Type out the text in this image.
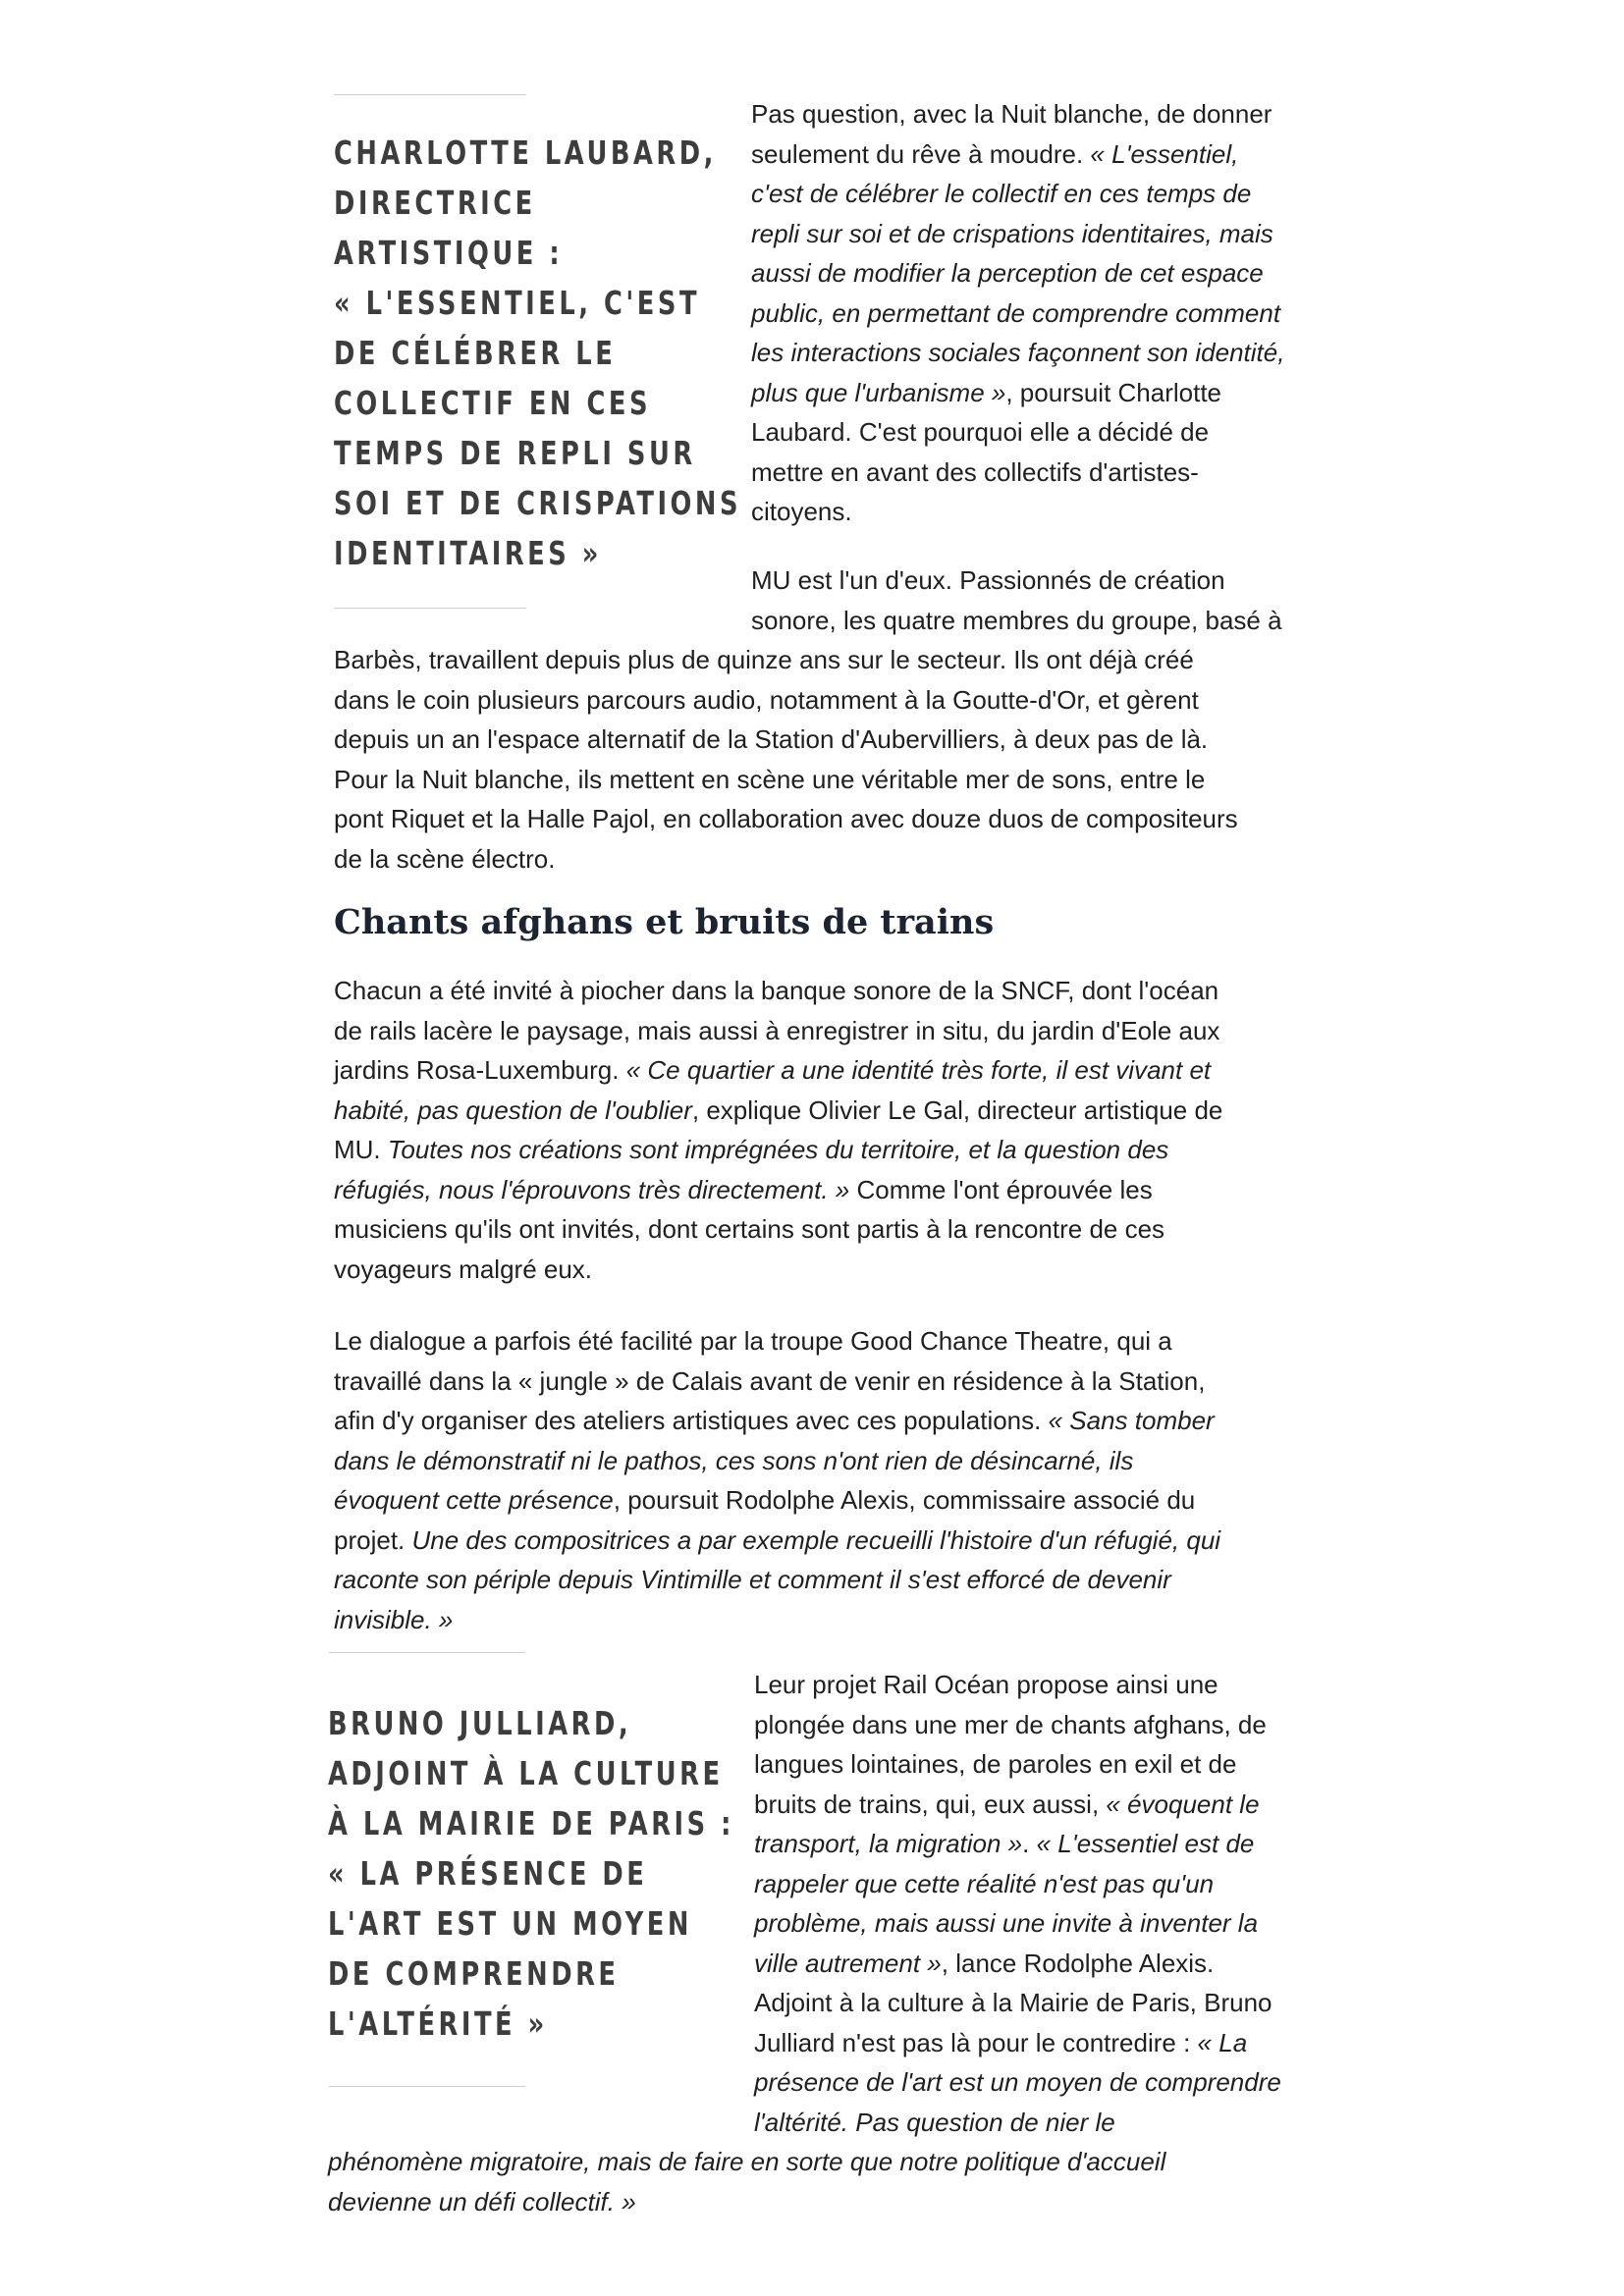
CHARLOTTE LAUBARD,
DIRECTRICE
ARTISTIQUE :
« L'ESSENTIEL, C'EST
DE CÉLÉBRER LE
COLLECTIF EN CES
TEMPS DE REPLI SUR
SOI ET DE CRISPATIONS
IDENTITAIRES »
Pas question, avec la Nuit blanche, de donner
seulement du rêve à moudre. « L'essentiel,
c'est de célébrer le collectif en ces temps de
repli sur soi et de crispations identitaires, mais
aussi de modifier la perception de cet espace
public, en permettant de comprendre comment
les interactions sociales façonnent son identité,
plus que l'urbanisme », poursuit Charlotte
Laubard. C'est pourquoi elle a décidé de
mettre en avant des collectifs d'artistes-
citoyens.
MU est l'un d'eux. Passionnés de création
sonore, les quatre membres du groupe, basé à
Barbès, travaillent depuis plus de quinze ans sur le secteur. Ils ont déjà créé
dans le coin plusieurs parcours audio, notamment à la Goutte-d'Or, et gèrent
depuis un an l'espace alternatif de la Station d'Aubervilliers, à deux pas de là.
Pour la Nuit blanche, ils mettent en scène une véritable mer de sons, entre le
pont Riquet et la Halle Pajol, en collaboration avec douze duos de compositeurs
de la scène électro.
Chants afghans et bruits de trains
Chacun a été invité à piocher dans la banque sonore de la SNCF, dont l'océan
de rails lacère le paysage, mais aussi à enregistrer in situ, du jardin d'Eole aux
jardins Rosa-Luxemburg. « Ce quartier a une identité très forte, il est vivant et
habité, pas question de l'oublier, explique Olivier Le Gal, directeur artistique de
MU. Toutes nos créations sont imprégnées du territoire, et la question des
réfugiés, nous l'éprouvons très directement. » Comme l'ont éprouvée les
musiciens qu'ils ont invités, dont certains sont partis à la rencontre de ces
voyageurs malgré eux.
Le dialogue a parfois été facilité par la troupe Good Chance Theatre, qui a
travaillé dans la « jungle » de Calais avant de venir en résidence à la Station,
afin d'y organiser des ateliers artistiques avec ces populations. « Sans tomber
dans le démonstratif ni le pathos, ces sons n'ont rien de désincarné, ils
évoquent cette présence, poursuit Rodolphe Alexis, commissaire associé du
projet. Une des compositrices a par exemple recueilli l'histoire d'un réfugié, qui
raconte son périple depuis Vintimille et comment il s'est efforcé de devenir
invisible. »
BRUNO JULLIARD,
ADJOINT À LA CULTURE
À LA MAIRIE DE PARIS :
« LA PRÉSENCE DE
L'ART EST UN MOYEN
DE COMPRENDRE
L'ALTÉRITÉ »
Leur projet Rail Océan propose ainsi une
plongée dans une mer de chants afghans, de
langues lointaines, de paroles en exil et de
bruits de trains, qui, eux aussi, « évoquent le
transport, la migration ». « L'essentiel est de
rappeler que cette réalité n'est pas qu'un
problème, mais aussi une invite à inventer la
ville autrement », lance Rodolphe Alexis.
Adjoint à la culture à la Mairie de Paris, Bruno
Julliard n'est pas là pour le contredire : « La
présence de l'art est un moyen de comprendre
l'altérité. Pas question de nier le
phénomène migratoire, mais de faire en sorte que notre politique d'accueil
devienne un défi collectif. »
